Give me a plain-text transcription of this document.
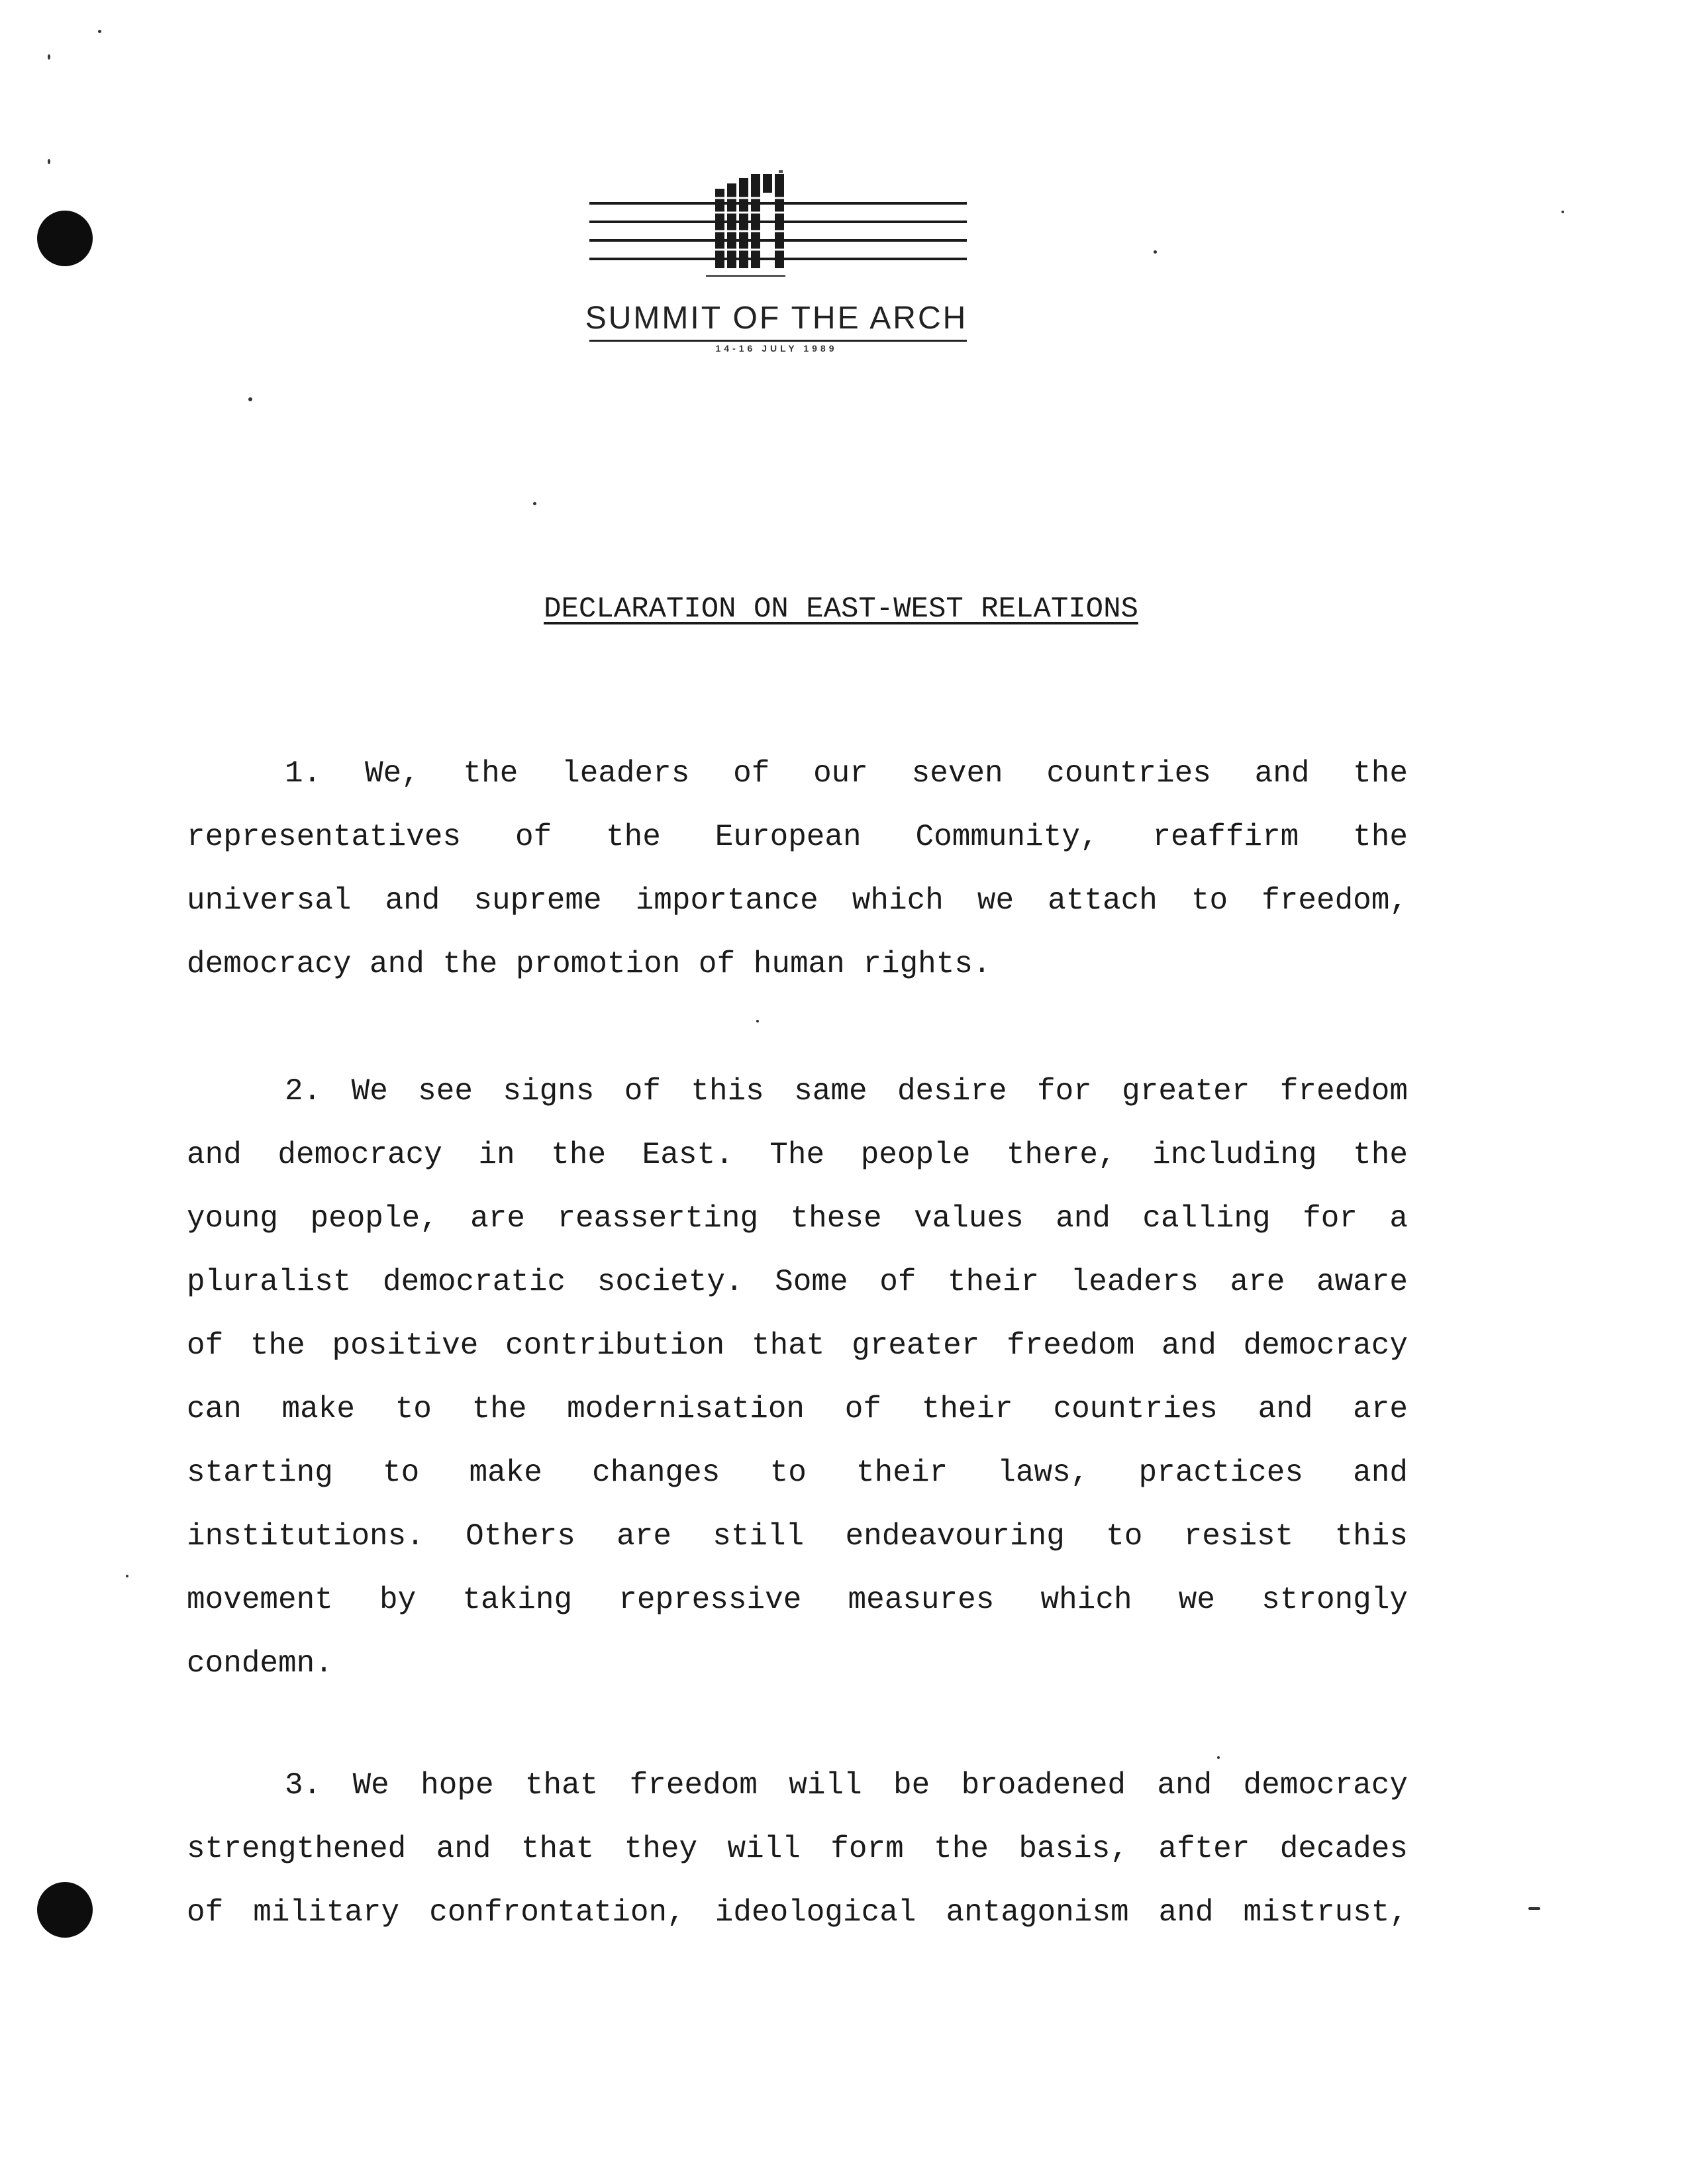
SUMMIT OF THE ARCH
14-16 JULY 1989
DECLARATION ON EAST-WEST RELATIONS
1. We, the leaders of our seven countries and the
representatives of the European Community, reaffirm the
universal and supreme importance which we attach to freedom,
democracy and the promotion of human rights.
2. We see signs of this same desire for greater freedom
and democracy in the East. The people there, including the
young people, are reasserting these values and calling for a
pluralist democratic society. Some of their leaders are aware
of the positive contribution that greater freedom and democracy
can make to the modernisation of their countries and are
starting to make changes to their laws, practices and
institutions. Others are still endeavouring to resist this
movement by taking repressive measures which we strongly
condemn.
3. We hope that freedom will be broadened and democracy
strengthened and that they will form the basis, after decades
of military confrontation, ideological antagonism and mistrust,
